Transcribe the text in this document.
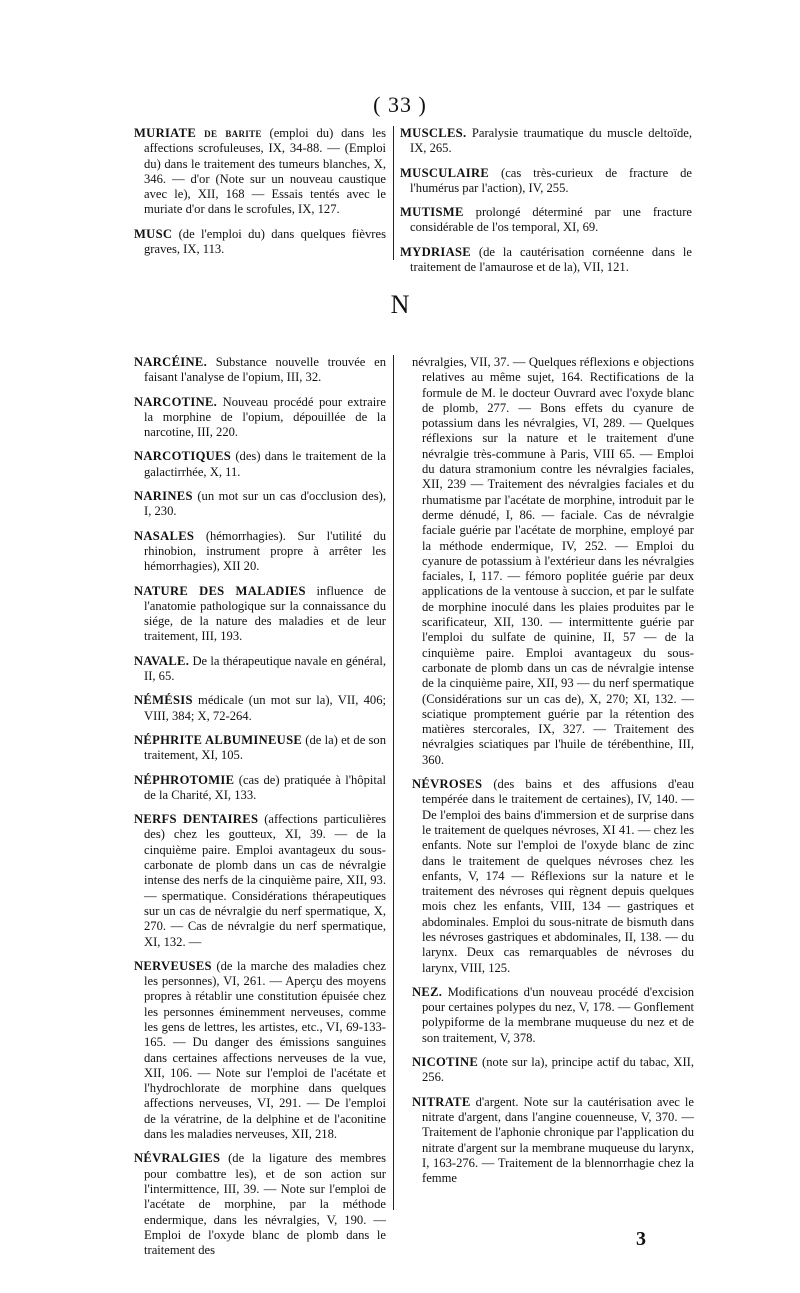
( 33 )

MURIATE de barite (emploi du) dans les affections scrofuleuses, IX, 34-88. — (Emploi du) dans le traitement des tumeurs blanches, X, 346. — d'or (Note sur un nouveau caustique avec le), XII, 168 — Essais tentés avec le muriate d'or dans le scrofules, IX, 127.

MUSC (de l'emploi du) dans quelques fièvres graves, IX, 113.

MUSCLES. Paralysie traumatique du muscle deltoïde, IX, 265.

MUSCULAIRE (cas très-curieux de fracture de l'humérus par l'action), IV, 255.

MUTISME prolongé déterminé par une fracture considérable de l'os temporal, XI, 69.

MYDRIASE (de la cautérisation cornéenne dans le traitement de l'amaurose et de la), VII, 121.

N

NARCÉINE. Substance nouvelle trouvée en faisant l'analyse de l'opium, III, 32.

NARCOTINE. Nouveau procédé pour extraire la morphine de l'opium, dépouillée de la narcotine, III, 220.

NARCOTIQUES (des) dans le traitement de la galactirrhée, X, 11.

NARINES (un mot sur un cas d'occlusion des), I, 230.

NASALES (hémorrhagies). Sur l'utilité du rhinobion, instrument propre à arrêter les hémorrhagies), XII 20.

NATURE DES MALADIES influence de l'anatomie pathologique sur la connaissance du siége, de la nature des maladies et de leur traitement, III, 193.

NAVALE. De la thérapeutique navale en général, II, 65.

NÉMÉSIS médicale (un mot sur la), VII, 406; VIII, 384; X, 72-264.

NÉPHRITE ALBUMINEUSE (de la) et de son traitement, XI, 105.

NÉPHROTOMIE (cas de) pratiquée à l'hôpital de la Charité, XI, 133.

NERFS DENTAIRES (affections particulières des) chez les goutteux, XI, 39. — de la cinquième paire. Emploi avantageux du sous-carbonate de plomb dans un cas de névralgie intense des nerfs de la cinquième paire, XII, 93. — spermatique. Considérations thérapeutiques sur un cas de névralgie du nerf spermatique, X, 270. — Cas de névralgie du nerf spermatique, XI, 132. —

NERVEUSES (de la marche des maladies chez les personnes), VI, 261. — Aperçu des moyens propres à rétablir une constitution épuisée chez les personnes éminemment nerveuses, comme les gens de lettres, les artistes, etc., VI, 69-133-165. — Du danger des émissions sanguines dans certaines affections nerveuses de la vue, XII, 106. — Note sur l'emploi de l'acétate et l'hydrochlorate de morphine dans quelques affections nerveuses, VI, 291. — De l'emploi de la vératrine, de la delphine et de l'aconitine dans les maladies nerveuses, XII, 218.

NÉVRALGIES (de la ligature des membres pour combattre les), et de son action sur l'intermittence, III, 39. — Note sur l'emploi de l'acétate de morphine, par la méthode endermique, dans les névralgies, V, 190. — Emploi de l'oxyde blanc de plomb dans le traitement des

névralgies, VII, 37. — Quelques réflexions e objections relatives au même sujet, 164. Rectifications de la formule de M. le docteur Ouvrard avec l'oxyde blanc de plomb, 277. — Bons effets du cyanure de potassium dans les névralgies, VI, 289. — Quelques réflexions sur la nature et le traitement d'une névralgie très-commune à Paris, VIII 65. — Emploi du datura stramonium contre les névralgies faciales, XII, 239 — Traitement des névralgies faciales et du rhumatisme par l'acétate de morphine, introduit par le derme dénudé, I, 86. — faciale. Cas de névralgie faciale guérie par l'acétate de morphine, employé par la méthode endermique, IV, 252. — Emploi du cyanure de potassium à l'extérieur dans les névralgies faciales, I, 117. — fémoro poplitée guérie par deux applications de la ventouse à succion, et par le sulfate de morphine inoculé dans les plaies produites par le scarificateur, XII, 130. — intermittente guérie par l'emploi du sulfate de quinine, II, 57 — de la cinquième paire. Emploi avantageux du sous-carbonate de plomb dans un cas de névralgie intense de la cinquième paire, XII, 93 — du nerf spermatique (Considérations sur un cas de), X, 270; XI, 132. — sciatique promptement guérie par la rétention des matières stercorales, IX, 327. — Traitement des névralgies sciatiques par l'huile de térébenthine, III, 360.

NÉVROSES (des bains et des affusions d'eau tempérée dans le traitement de certaines), IV, 140. — De l'emploi des bains d'immersion et de surprise dans le traitement de quelques névroses, XI 41. — chez les enfants. Note sur l'emploi de l'oxyde blanc de zinc dans le traitement de quelques névroses chez les enfants, V, 174 — Réflexions sur la nature et le traitement des névroses qui règnent depuis quelques mois chez les enfants, VIII, 134 — gastriques et abdominales. Emploi du sous-nitrate de bismuth dans les névroses gastriques et abdominales, II, 138. — du larynx. Deux cas remarquables de névroses du larynx, VIII, 125.

NEZ. Modifications d'un nouveau procédé d'excision pour certaines polypes du nez, V, 178. — Gonflement polypiforme de la membrane muqueuse du nez et de son traitement, V, 378.

NICOTINE (note sur la), principe actif du tabac, XII, 256.

NITRATE d'argent. Note sur la cautérisation avec le nitrate d'argent, dans l'angine couenneuse, V, 370. — Traitement de l'aphonie chronique par l'application du nitrate d'argent sur la membrane muqueuse du larynx, I, 163-276. — Traitement de la blennorrhagie chez la femme

3
